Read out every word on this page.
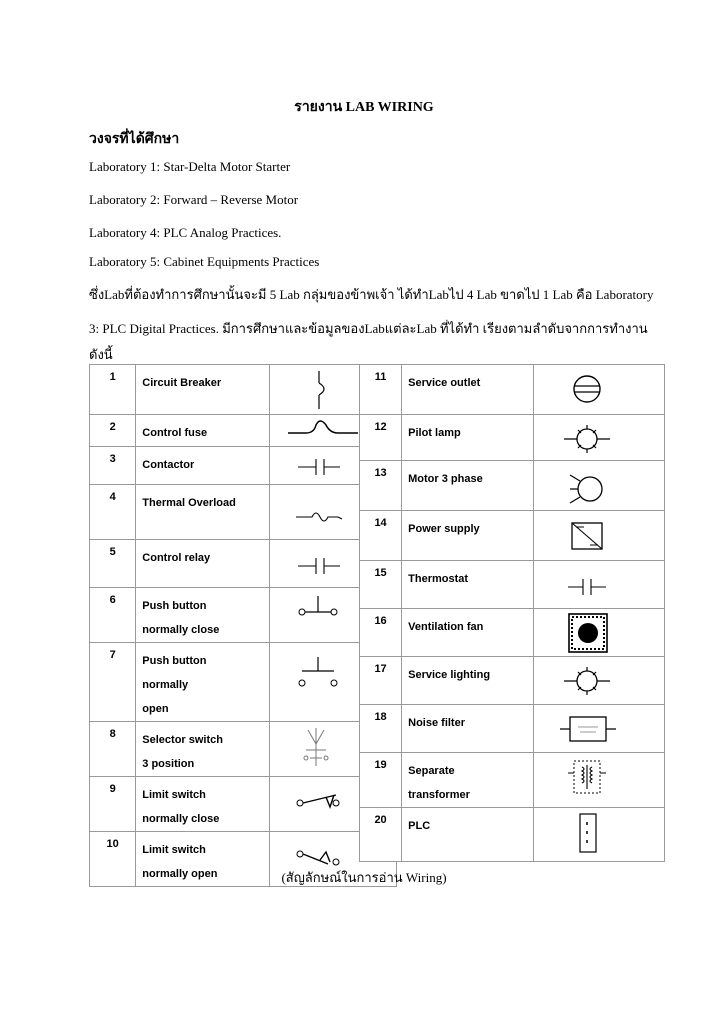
รายงาน LAB WIRING
วงจรที่ได้ศึกษา
Laboratory 1: Star-Delta Motor Starter
Laboratory 2: Forward – Reverse Motor
Laboratory 4: PLC Analog Practices.
Laboratory 5: Cabinet Equipments Practices
ซึ่งLabที่ต้องทำการศึกษานั้นจะมี 5 Lab กลุ่มของข้าพเจ้า ได้ทำLabไป 4 Lab ขาดไป 1 Lab คือ Laboratory
3: PLC Digital Practices. มีการศึกษาและข้อมูลของLabแต่ละLab ที่ได้ทำ เรียงตามลำดับจากการทำงาน
ดังนี้
1	Circuit Breaker

2	Control fuse

3	Contactor

4	Thermal Overload

5	Control relay

6	Push button
normally close

7	Push button
normally
open

8	Selector switch
3 position

9	Limit switch
normally close

10	Limit switch
normally open

11	Service outlet

12	Pilot lamp

13	Motor 3 phase

14	Power supply

15	Thermostat

16	Ventilation fan

17	Service lighting

18	Noise filter

19	Separate
transformer

20	PLC

(สัญลักษณ์ในการอ่าน Wiring)
